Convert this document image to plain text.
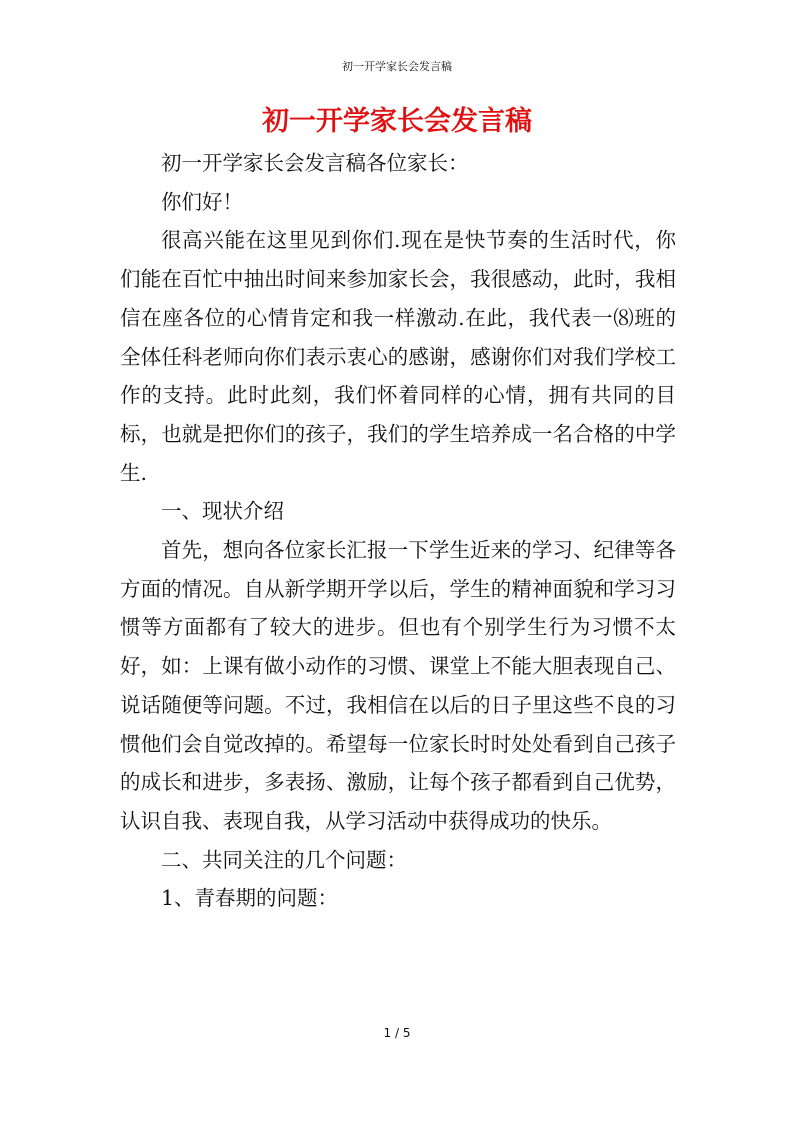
初一开学家长会发言稿
初一开学家长会发言稿

初一开学家长会发言稿各位家长：

你们好！

很高兴能在这里见到你们.现在是快节奏的生活时代，你们能在百忙中抽出时间来参加家长会，我很感动，此时，我相信在座各位的心情肯定和我一样激动.在此，我代表一⑻班的全体任科老师向你们表示衷心的感谢，感谢你们对我们学校工作的支持。此时此刻，我们怀着同样的心情，拥有共同的目标，也就是把你们的孩子，我们的学生培养成一名合格的中学生.

一、现状介绍

首先，想向各位家长汇报一下学生近来的学习、纪律等各方面的情况。自从新学期开学以后，学生的精神面貌和学习习惯等方面都有了较大的进步。但也有个别学生行为习惯不太好，如：上课有做小动作的习惯、课堂上不能大胆表现自己、说话随便等问题。不过，我相信在以后的日子里这些不良的习惯他们会自觉改掉的。希望每一位家长时时处处看到自己孩子的成长和进步，多表扬、激励，让每个孩子都看到自己优势，认识自我、表现自我，从学习活动中获得成功的快乐。

二、共同关注的几个问题：

1、青春期的问题：

1 / 5
